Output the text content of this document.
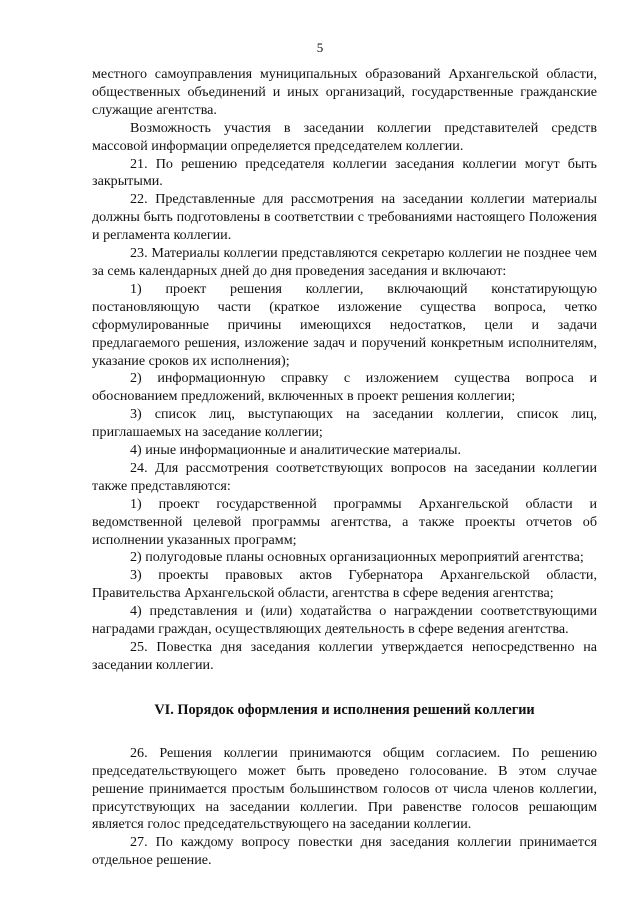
5

местного самоуправления муниципальных образований Архангельской области, общественных объединений и иных организаций, государственные гражданские служащие агентства.

Возможность участия в заседании коллегии представителей средств массовой информации определяется председателем коллегии.

21. По решению председателя коллегии заседания коллегии могут быть закрытыми.

22. Представленные для рассмотрения на заседании коллегии материалы должны быть подготовлены в соответствии с требованиями настоящего Положения и регламента коллегии.

23. Материалы коллегии представляются секретарю коллегии не позднее чем за семь календарных дней до дня проведения заседания и включают:

1) проект решения коллегии, включающий констатирующую постановляющую части (краткое изложение существа вопроса, четко сформулированные причины имеющихся недостатков, цели и задачи предлагаемого решения, изложение задач и поручений конкретным исполнителям, указание сроков их исполнения);

2) информационную справку с изложением существа вопроса и обоснованием предложений, включенных в проект решения коллегии;

3) список лиц, выступающих на заседании коллегии, список лиц, приглашаемых на заседание коллегии;

4) иные информационные и аналитические материалы.

24. Для рассмотрения соответствующих вопросов на заседании коллегии также представляются:

1) проект государственной программы Архангельской области и ведомственной целевой программы агентства, а также проекты отчетов об исполнении указанных программ;

2) полугодовые планы основных организационных мероприятий агентства;

3) проекты правовых актов Губернатора Архангельской области, Правительства Архангельской области, агентства в сфере ведения агентства;

4) представления и (или) ходатайства о награждении соответствующими наградами граждан, осуществляющих деятельность в сфере ведения агентства.

25. Повестка дня заседания коллегии утверждается непосредственно на заседании коллегии.

VI. Порядок оформления и исполнения решений коллегии

26. Решения коллегии принимаются общим согласием. По решению председательствующего может быть проведено голосование. В этом случае решение принимается простым большинством голосов от числа членов коллегии, присутствующих на заседании коллегии. При равенстве голосов решающим является голос председательствующего на заседании коллегии.

27. По каждому вопросу повестки дня заседания коллегии принимается отдельное решение.
